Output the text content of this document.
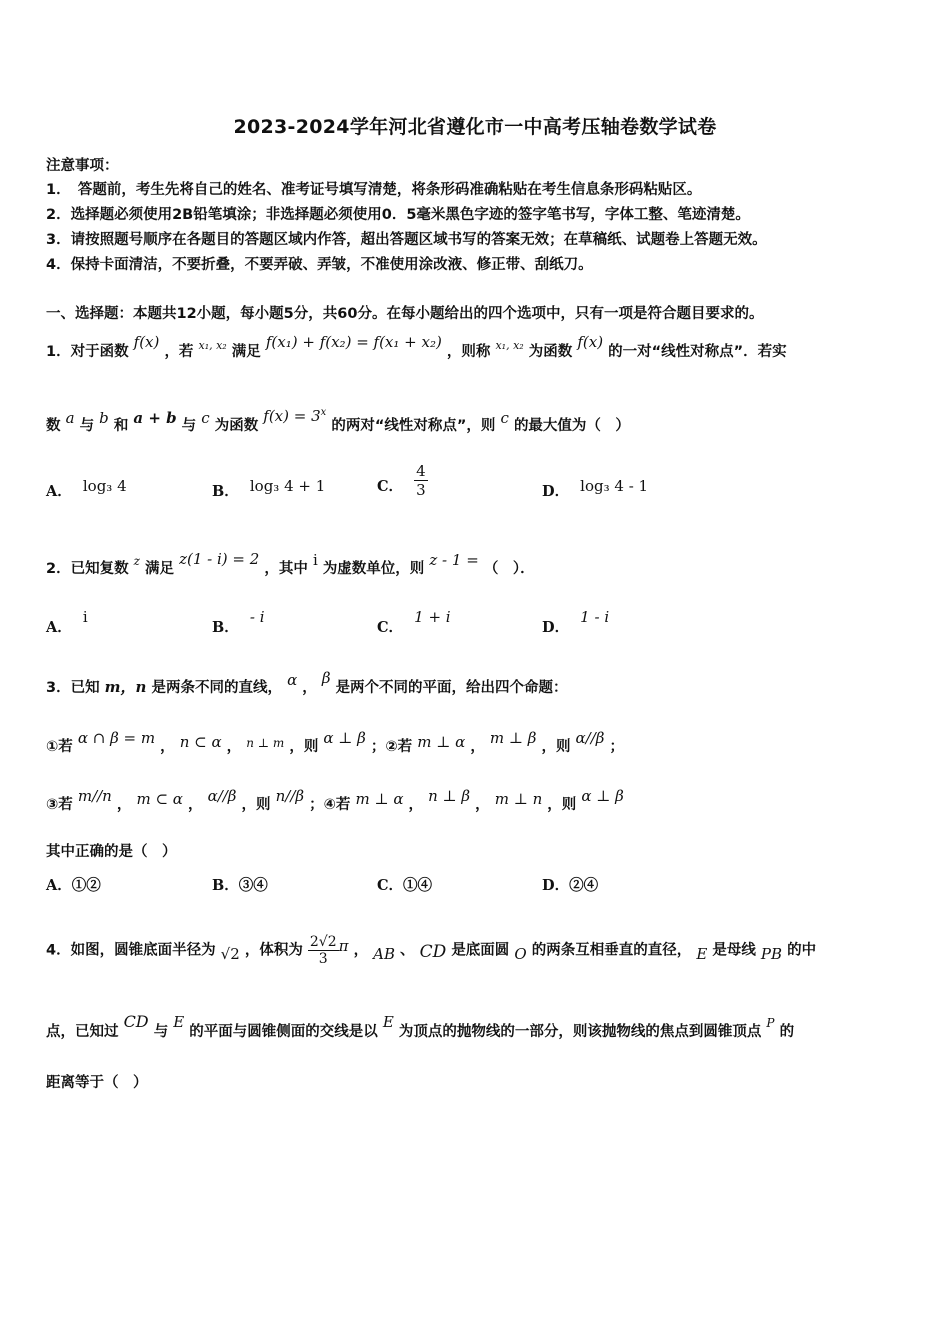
2023-2024学年河北省遵化市一中高考压轴卷数学试卷
注意事项：
1．　答题前，考生先将自己的姓名、准考证号填写清楚，将条形码准确粘贴在考生信息条形码粘贴区。
2．选择题必须使用2B铅笔填涂；非选择题必须使用0．5毫米黑色字迹的签字笔书写，字体工整、笔迹清楚。
3．请按照题号顺序在各题目的答题区域内作答，超出答题区域书写的答案无效；在草稿纸、试题卷上答题无效。
4．保持卡面清洁，不要折叠，不要弄破、弄皱，不准使用涂改液、修正带、刮纸刀。
一、选择题：本题共12小题，每小题5分，共60分。在每小题给出的四个选项中，只有一项是符合题目要求的。
1．对于函数 f(x) ，若 $^{x_1, x_2}$ 满足 f(x₁) + f(x₂) = f(x₁ + x₂) ，则称 $^{x_1, x_2}$ 为函数 f(x) 的一对“线性对称点”．若实
数 a 与 b 和 a + b 与 c 为函数 $f(x) = 3^x$ 的两对“线性对称点”，则 c 的最大值为（　）
A． log₃ 4	B． log₃ 4 + 1	C． $\frac{4}{3}$	D． log₃ 4 - 1
2．已知复数 $^z$ 满足 z(1 - i) = 2 ，其中 i 为虚数单位，则 z - 1 = （　）．
A． i
B． - i
C． 1 + i
D． 1 - i
3．已知 m，n 是两条不同的直线， α ， β 是两个不同的平面，给出四个命题：
①若 α ∩ β = m ， n ⊂ α ， $^{n \perp m}$ ，则 α ⊥ β ；②若 m ⊥ α ， m ⊥ β ，则 α//β ；
③若 m//n ， m ⊂ α ， α//β ，则 n//β ；④若 m ⊥ α ， n ⊥ β ， m ⊥ n ，则 α ⊥ β
其中正确的是（　）
A．①②	B．③④	C．①④	D．②④
4．如图，圆锥底面半径为 √2 ，体积为 $\frac{2√2}{3}$ π ， AB 、 CD 是底面圆 O 的两条互相垂直的直径， E 是母线 PB 的中
点，已知过 CD 与 E 的平面与圆锥侧面的交线是以 E 为顶点的抛物线的一部分，则该抛物线的焦点到圆锥顶点 $^P$ 的
距离等于（　）
